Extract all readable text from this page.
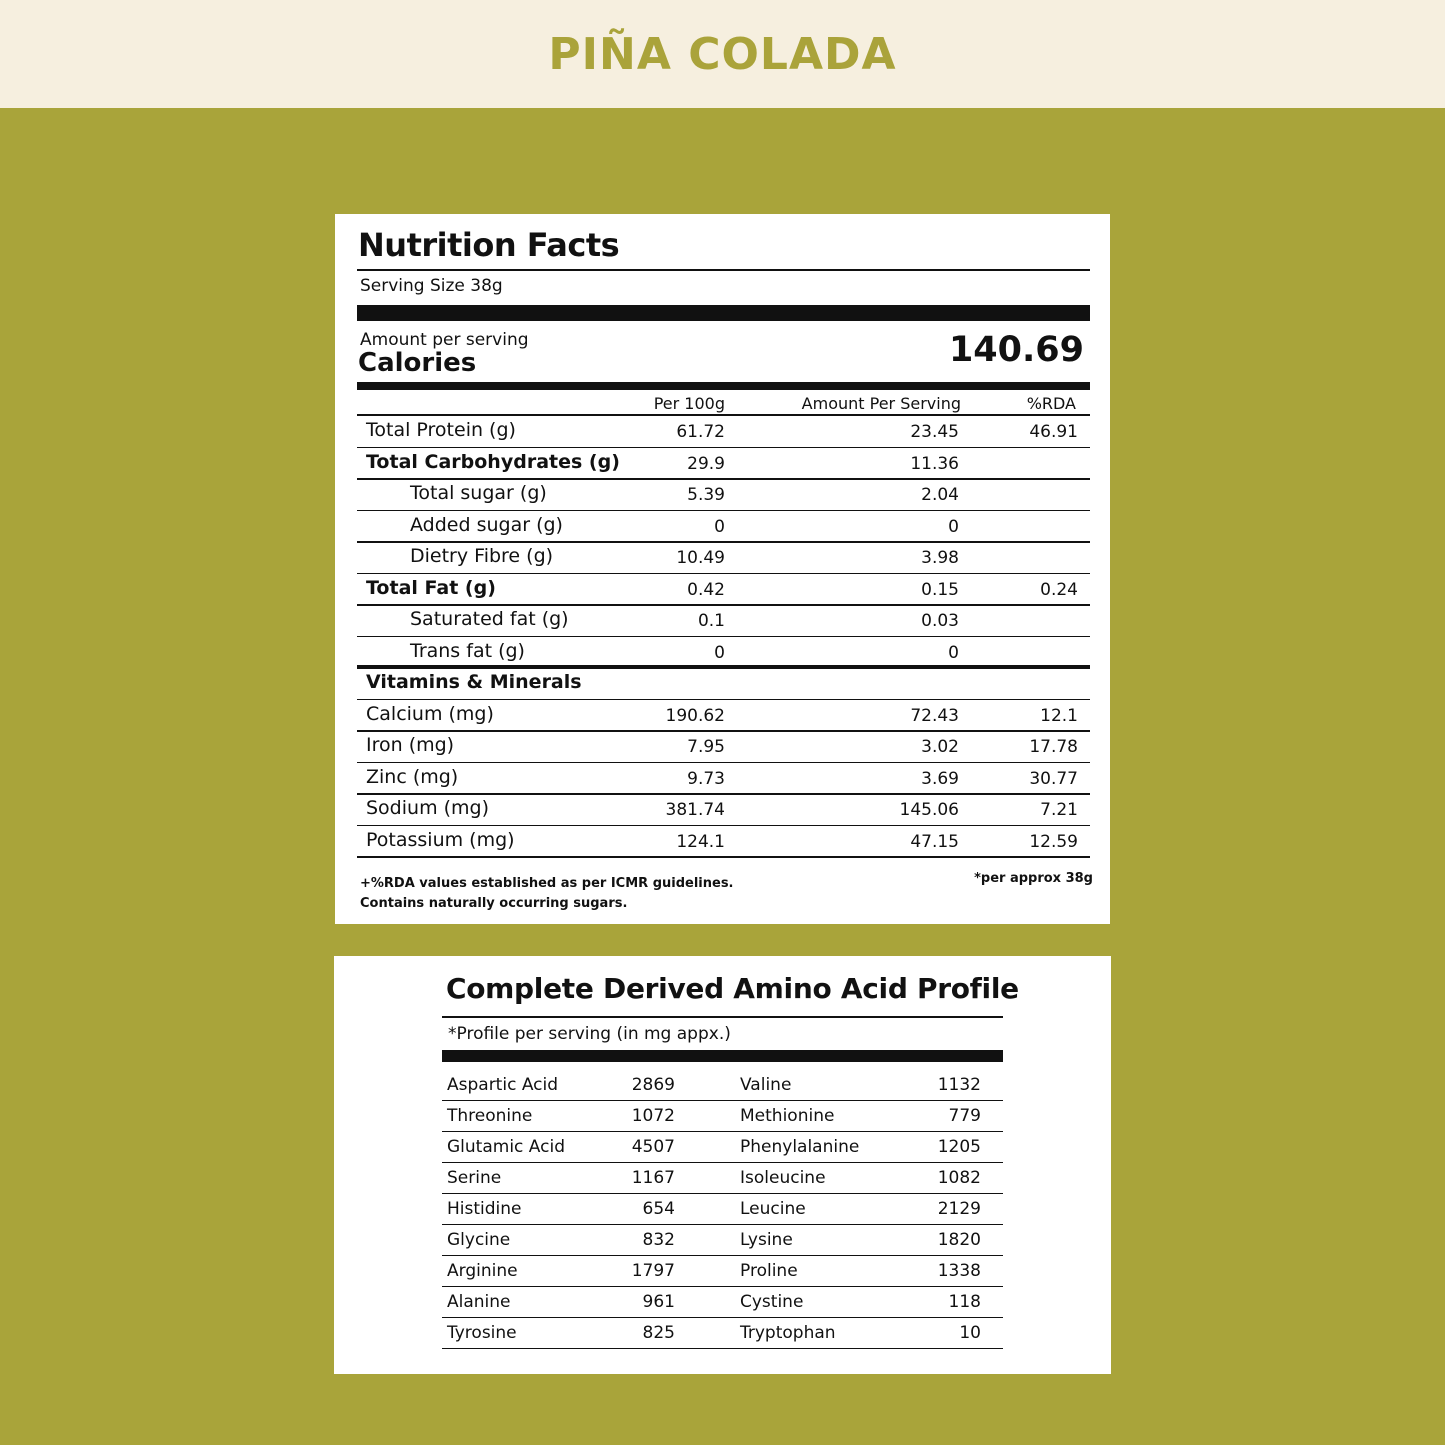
PIÑA COLADA
Nutrition Facts
Serving Size 38g
Amount per serving
Calories	140.69
Per 100g	Amount Per Serving	%RDA
Total Protein (g)	61.72	23.45	46.91
Total Carbohydrates (g)	29.9	11.36
Total sugar (g)	5.39	2.04
Added sugar (g)	0	0
Dietry Fibre (g)	10.49	3.98
Total Fat (g)	0.42	0.15	0.24
Saturated fat (g)	0.1	0.03
Trans fat (g)	0	0
Vitamins & Minerals
Calcium (mg)	190.62	72.43	12.1
Iron (mg)	7.95	3.02	17.78
Zinc (mg)	9.73	3.69	30.77
Sodium (mg)	381.74	145.06	7.21
Potassium (mg)	124.1	47.15	12.59
+%RDA values established as per ICMR guidelines.
Contains naturally occurring sugars.
*per approx 38g
Complete Derived Amino Acid Profile
*Profile per serving (in mg appx.)
Aspartic Acid	2869	Valine	1132
Threonine	1072	Methionine	779
Glutamic Acid	4507	Phenylalanine	1205
Serine	1167	Isoleucine	1082
Histidine	654	Leucine	2129
Glycine	832	Lysine	1820
Arginine	1797	Proline	1338
Alanine	961	Cystine	118
Tyrosine	825	Tryptophan	10
